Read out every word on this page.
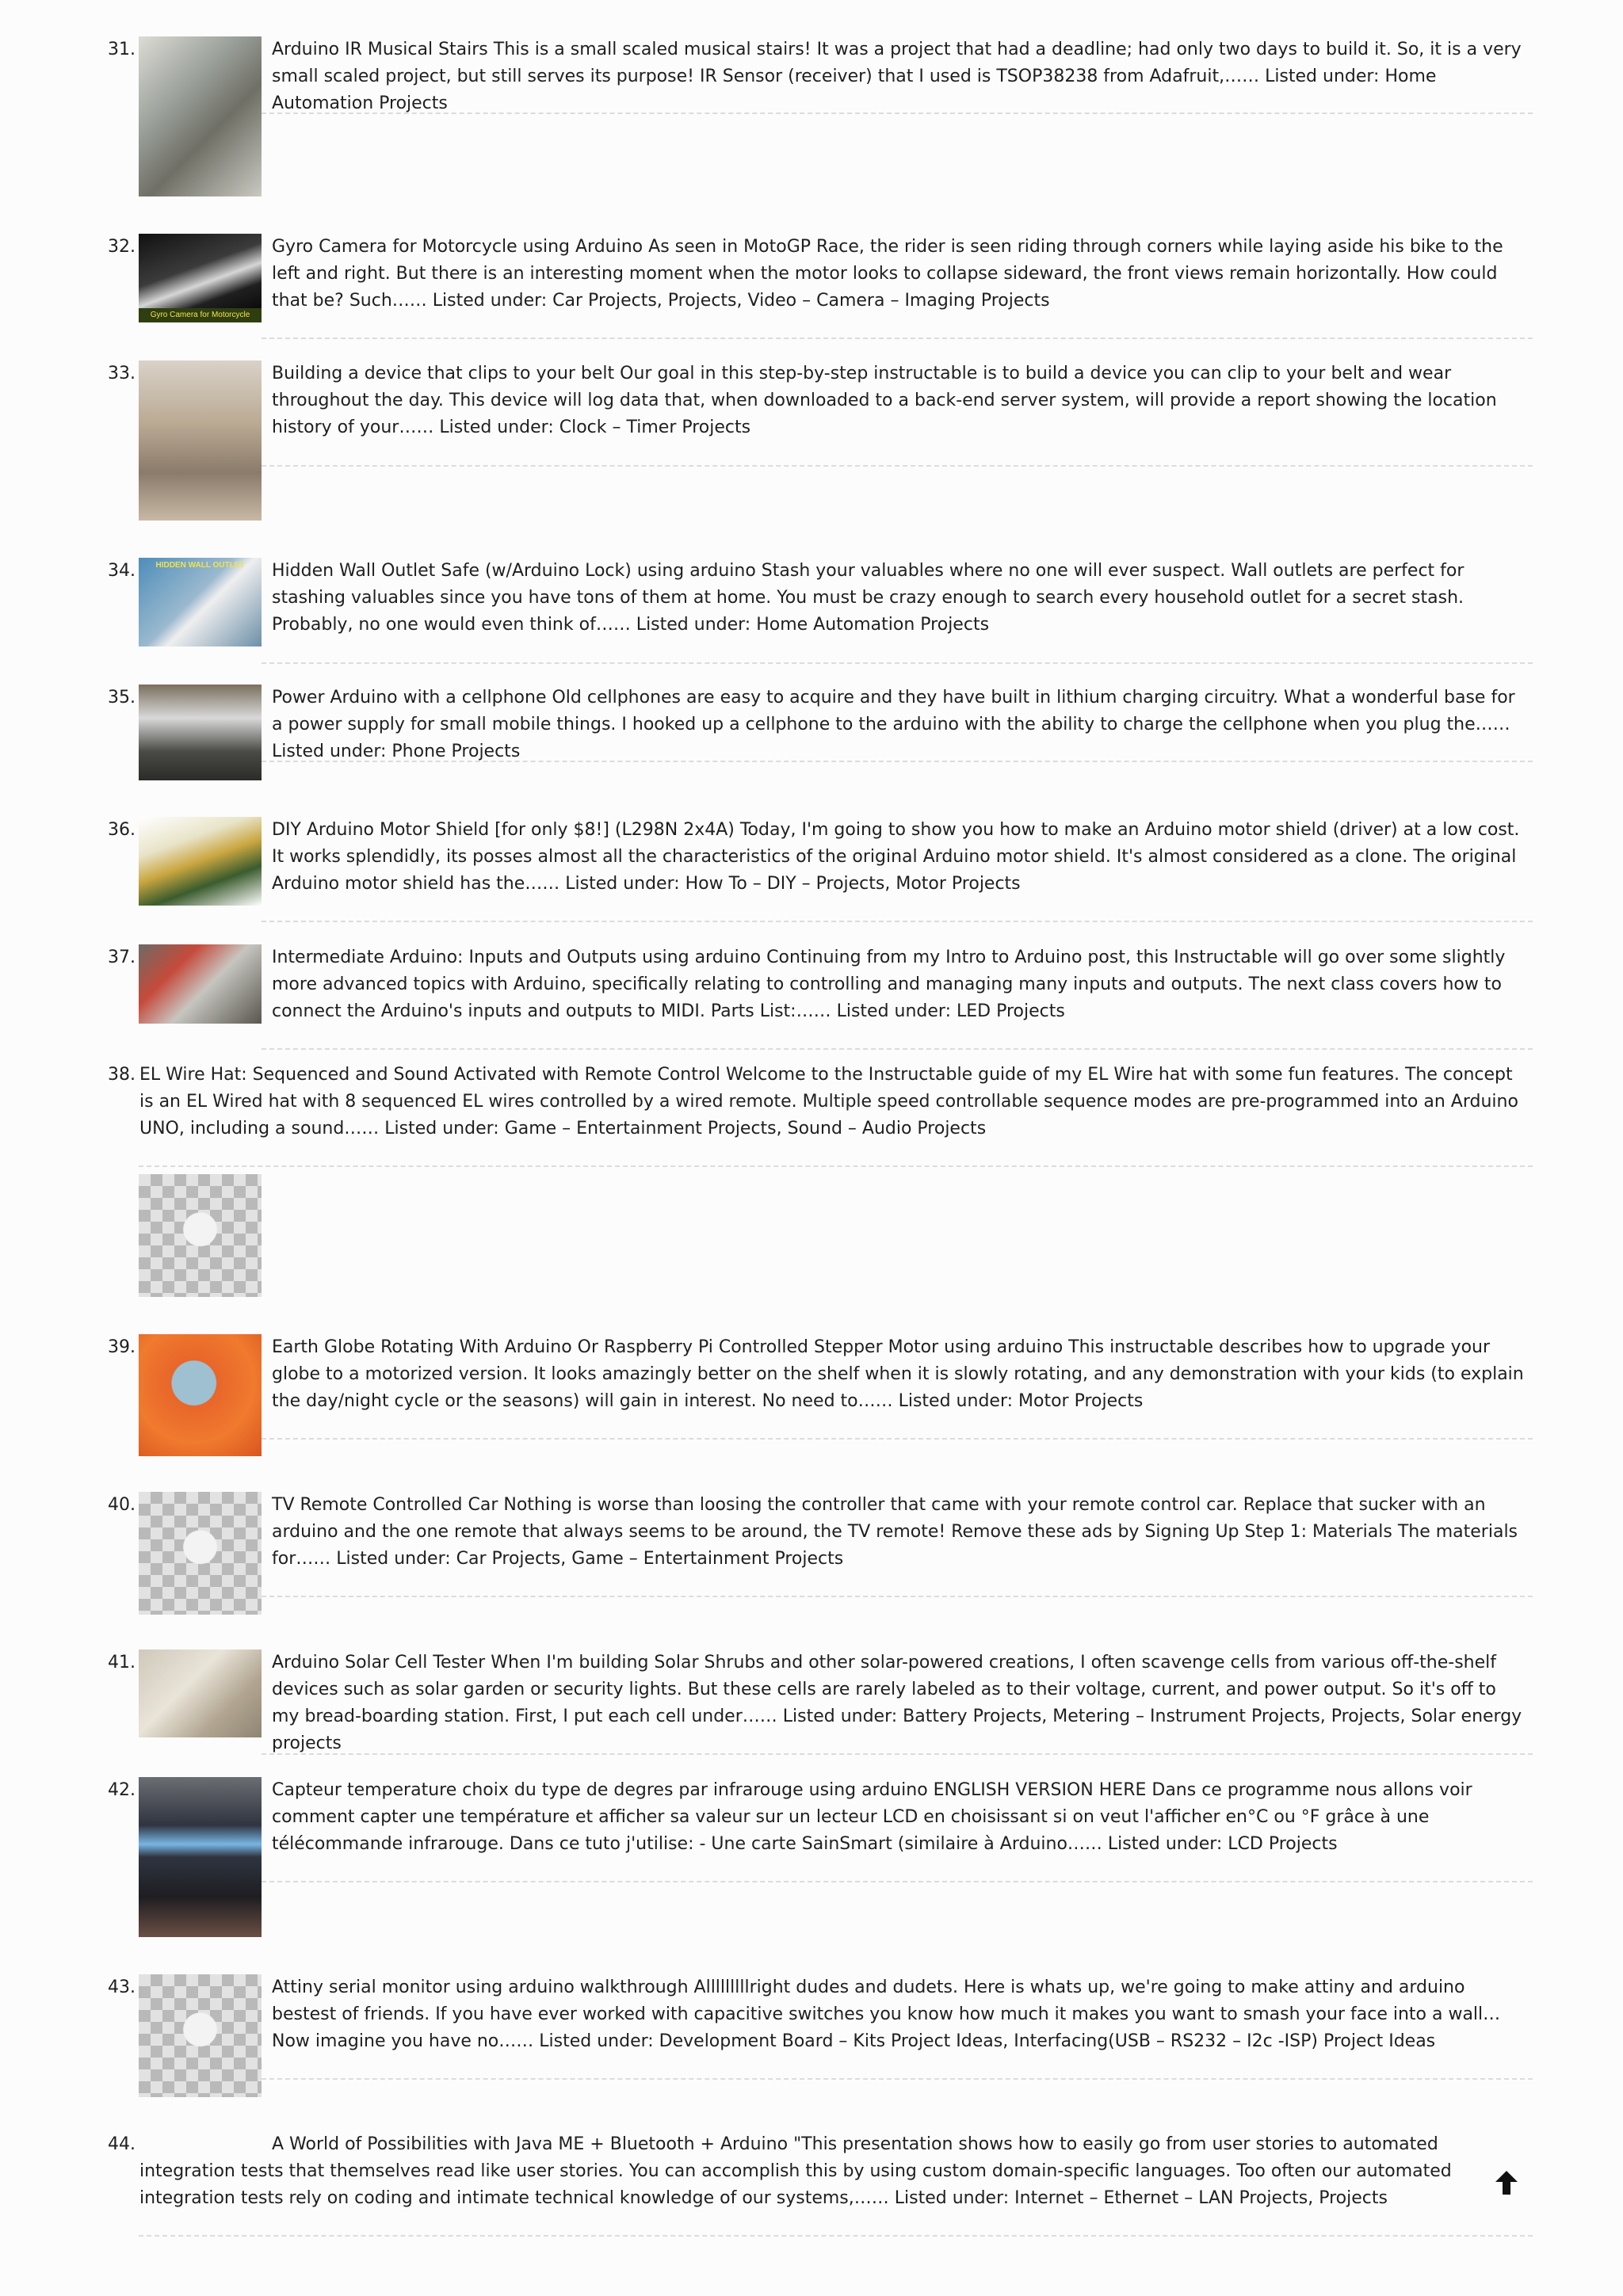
31.	Arduino IR Musical Stairs This is a small scaled musical stairs! It was a project that had a deadline; had only two days to build it. So, it is a very small scaled project, but still serves its purpose! IR Sensor (receiver) that I used is TSOP38238 from Adafruit,…… Listed under: Home Automation Projects
32.
Gyro Camera for Motorcycle
Gyro Camera for Motorcycle using Arduino As seen in MotoGP Race, the rider is seen riding through corners while laying aside his bike to the left and right. But there is an interesting moment when the motor looks to collapse sideward, the front views remain horizontally. How could that be? Such…… Listed under: Car Projects, Projects, Video – Camera – Imaging Projects
33.	Building a device that clips to your belt Our goal in this step-by-step instructable is to build a device you can clip to your belt and wear throughout the day. This device will log data that, when downloaded to a back-end server system, will provide a report showing the location history of your…… Listed under: Clock – Timer Projects
34.	HIDDEN WALL OUTLET	Hidden Wall Outlet Safe (w/Arduino Lock) using arduino Stash your valuables where no one will ever suspect. Wall outlets are perfect for stashing valuables since you have tons of them at home. You must be crazy enough to search every household outlet for a secret stash. Probably, no one would even think of…… Listed under: Home Automation Projects
35.	Power Arduino with a cellphone Old cellphones are easy to acquire and they have built in lithium charging circuitry. What a wonderful base for a power supply for small mobile things. I hooked up a cellphone to the arduino with the ability to charge the cellphone when you plug the…… Listed under: Phone Projects
36.	DIY Arduino Motor Shield [for only $8!] (L298N 2x4A) Today, I'm going to show you how to make an Arduino motor shield (driver) at a low cost. It works splendidly, its posses almost all the characteristics of the original Arduino motor shield. It's almost considered as a clone. The original Arduino motor shield has the…… Listed under: How To – DIY – Projects, Motor Projects
37.	Intermediate Arduino: Inputs and Outputs using arduino Continuing from my Intro to Arduino post, this Instructable will go over some slightly more advanced topics with Arduino, specifically relating to controlling and managing many inputs and outputs. The next class covers how to connect the Arduino's inputs and outputs to MIDI. Parts List:…… Listed under: LED Projects
38. EL Wire Hat: Sequenced and Sound Activated with Remote Control Welcome to the Instructable guide of my EL Wire hat with some fun features. The concept is an EL Wired hat with 8 sequenced EL wires controlled by a wired remote. Multiple speed controllable sequence modes are pre-programmed into an Arduino UNO, including a sound…… Listed under: Game – Entertainment Projects, Sound – Audio Projects
39.	Earth Globe Rotating With Arduino Or Raspberry Pi Controlled Stepper Motor using arduino This instructable describes how to upgrade your globe to a motorized version. It looks amazingly better on the shelf when it is slowly rotating, and any demonstration with your kids (to explain the day/night cycle or the seasons) will gain in interest. No need to…… Listed under: Motor Projects
40.	TV Remote Controlled Car Nothing is worse than loosing the controller that came with your remote control car. Replace that sucker with an arduino and the one remote that always seems to be around, the TV remote! Remove these ads by Signing Up Step 1: Materials The materials for…… Listed under: Car Projects, Game – Entertainment Projects
41.	Arduino Solar Cell Tester When I'm building Solar Shrubs and other solar-powered creations, I often scavenge cells from various off-the-shelf devices such as solar garden or security lights. But these cells are rarely labeled as to their voltage, current, and power output. So it's off to my bread-boarding station. First, I put each cell under…… Listed under: Battery Projects, Metering – Instrument Projects, Projects, Solar energy projects
42.	Capteur temperature choix du type de degres par infrarouge using arduino ENGLISH VERSION HERE Dans ce programme nous allons voir comment capter une température et afficher sa valeur sur un lecteur LCD en choisissant si on veut l'afficher en°C ou °F grâce à une télécommande infrarouge. Dans ce tuto j'utilise: - Une carte SainSmart (similaire à Arduino…… Listed under: LCD Projects
43.	Attiny serial monitor using arduino walkthrough Alllllllllright dudes and dudets. Here is whats up, we're going to make attiny and arduino bestest of friends. If you have ever worked with capacitive switches you know how much it makes you want to smash your face into a wall…Now imagine you have no…… Listed under: Development Board – Kits Project Ideas, Interfacing(USB – RS232 – I2c -ISP) Project Ideas
44.	A World of Possibilities with Java ME + Bluetooth + Arduino "This presentation shows how to easily go from user stories to automated integration tests that themselves read like user stories. You can accomplish this by using custom domain-specific languages. Too often our automated integration tests rely on coding and intimate technical knowledge of our systems,…… Listed under: Internet – Ethernet – LAN Projects, Projects
